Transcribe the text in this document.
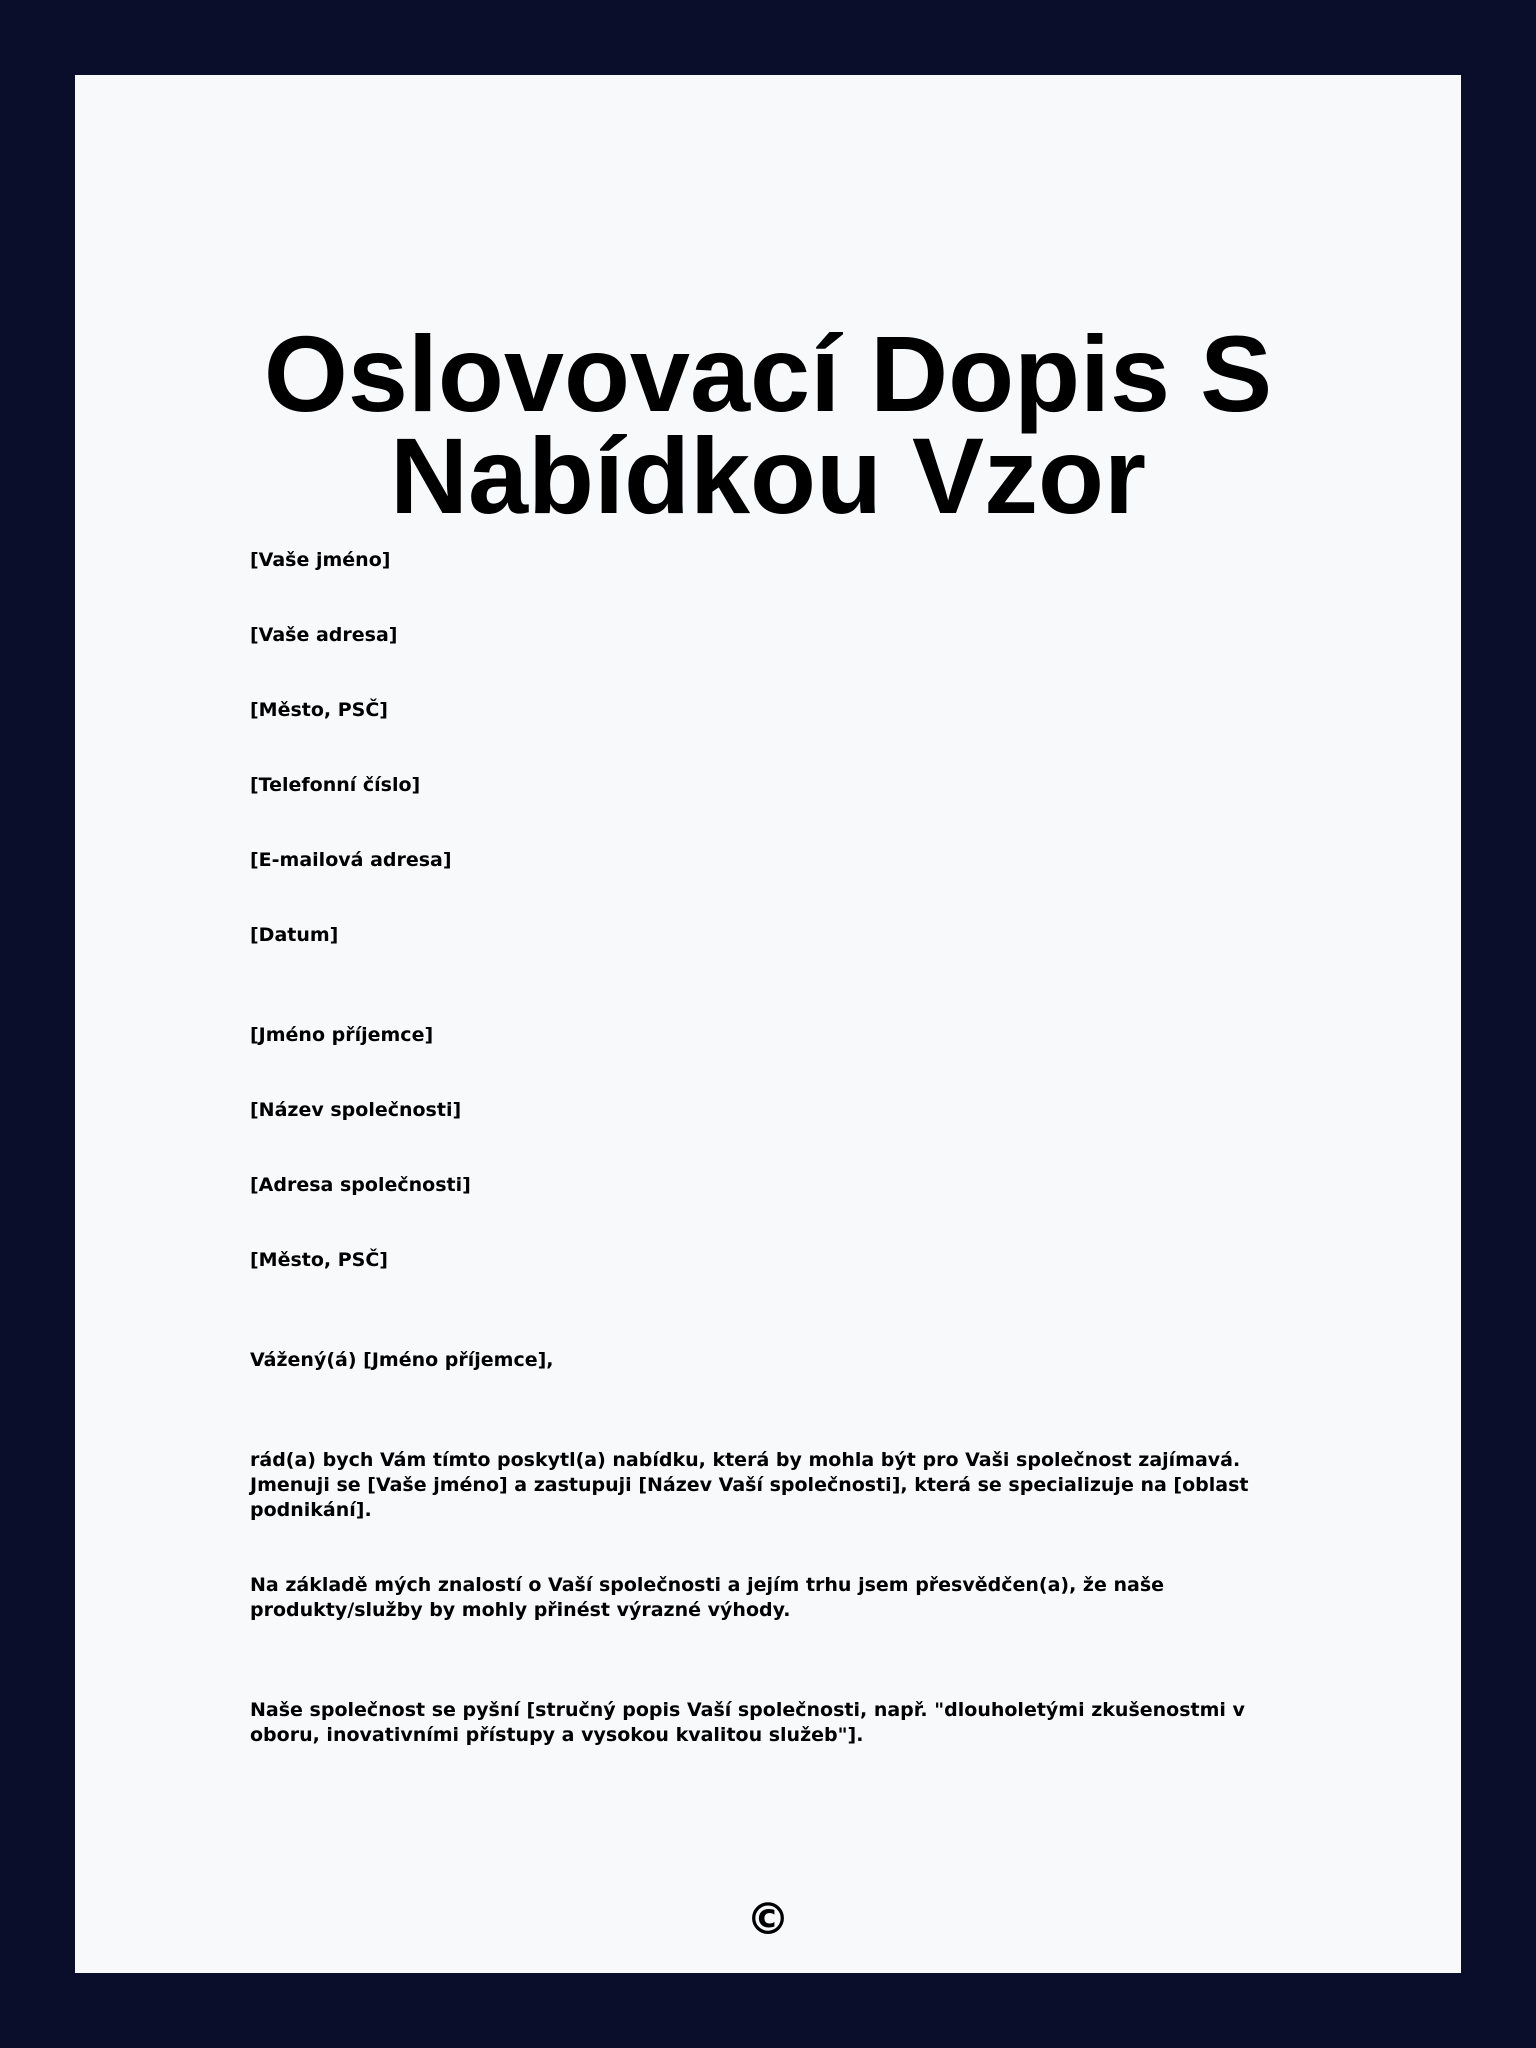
Oslovovací Dopis S
Nabídkou Vzor

[Vaše jméno]

[Vaše adresa]

[Město, PSČ]

[Telefonní číslo]

[E-mailová adresa]

[Datum]

[Jméno příjemce]

[Název společnosti]

[Adresa společnosti]

[Město, PSČ]

Vážený(á) [Jméno příjemce],

rád(a) bych Vám tímto poskytl(a) nabídku, která by mohla být pro Vaši společnost zajímavá. Jmenuji se [Vaše jméno] a zastupuji [Název Vaší společnosti], která se specializuje na [oblast podnikání].

Na základě mých znalostí o Vaší společnosti a jejím trhu jsem přesvědčen(a), že naše produkty/služby by mohly přinést výrazné výhody.

Naše společnost se pyšní [stručný popis Vaší společnosti, např. "dlouholetými zkušenostmi v oboru, inovativními přístupy a vysokou kvalitou služeb"].

©
